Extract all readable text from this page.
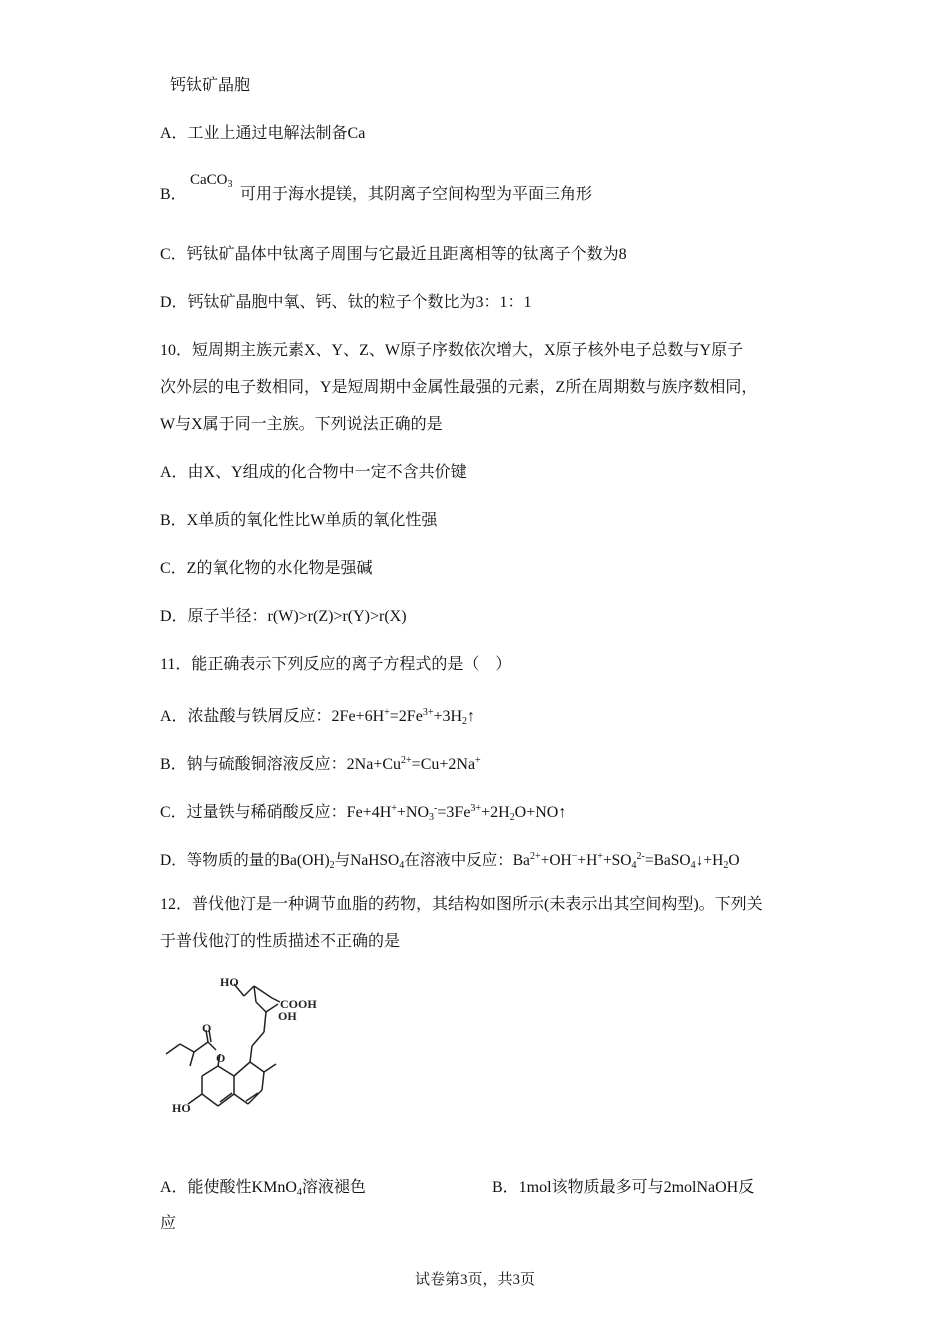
钙钛矿晶胞
A．工业上通过电解法制备Ca
B．
CaCO$_3$
可用于海水提镁，其阴离子空间构型为平面三角形
C．钙钛矿晶体中钛离子周围与它最近且距离相等的钛离子个数为8
D．钙钛矿晶胞中氧、钙、钛的粒子个数比为3：1：1
10．短周期主族元素X、Y、Z、W原子序数依次增大，X原子核外电子总数与Y原子
次外层的电子数相同，Y是短周期中金属性最强的元素，Z所在周期数与族序数相同，
W与X属于同一主族。下列说法正确的是
A．由X、Y组成的化合物中一定不含共价键
B．X单质的氧化性比W单质的氧化性强
C．Z的氧化物的水化物是强碱
D．原子半径：r(W)>r(Z)>r(Y)>r(X)
11．能正确表示下列反应的离子方程式的是（　）
A．浓盐酸与铁屑反应：$2Fe+6H^+=2Fe^{3+}+3H_2↑$
B．钠与硫酸铜溶液反应：$2Na+Cu^{2+}=Cu+2Na^+$
C．过量铁与稀硝酸反应：$Fe+4H^++NO_3^-=3Fe^{3+}+2H_2O+NO↑$
D．等物质的量的$Ba(OH)_2$与NaHSO$_4$在溶液中反应：$Ba^{2+}+OH^-+H^++SO_4^{2-}=BaSO_4↓+H_2O$
12．普伐他汀是一种调节血脂的药物，其结构如图所示(未表示出其空间构型)。下列关
于普伐他汀的性质描述不正确的是
HO
COOH
OH
O
O
HO
A．能使酸性KMnO$_4$溶液褪色	B．1mol该物质最多可与2molNaOH反
应
试卷第3页，共3页
